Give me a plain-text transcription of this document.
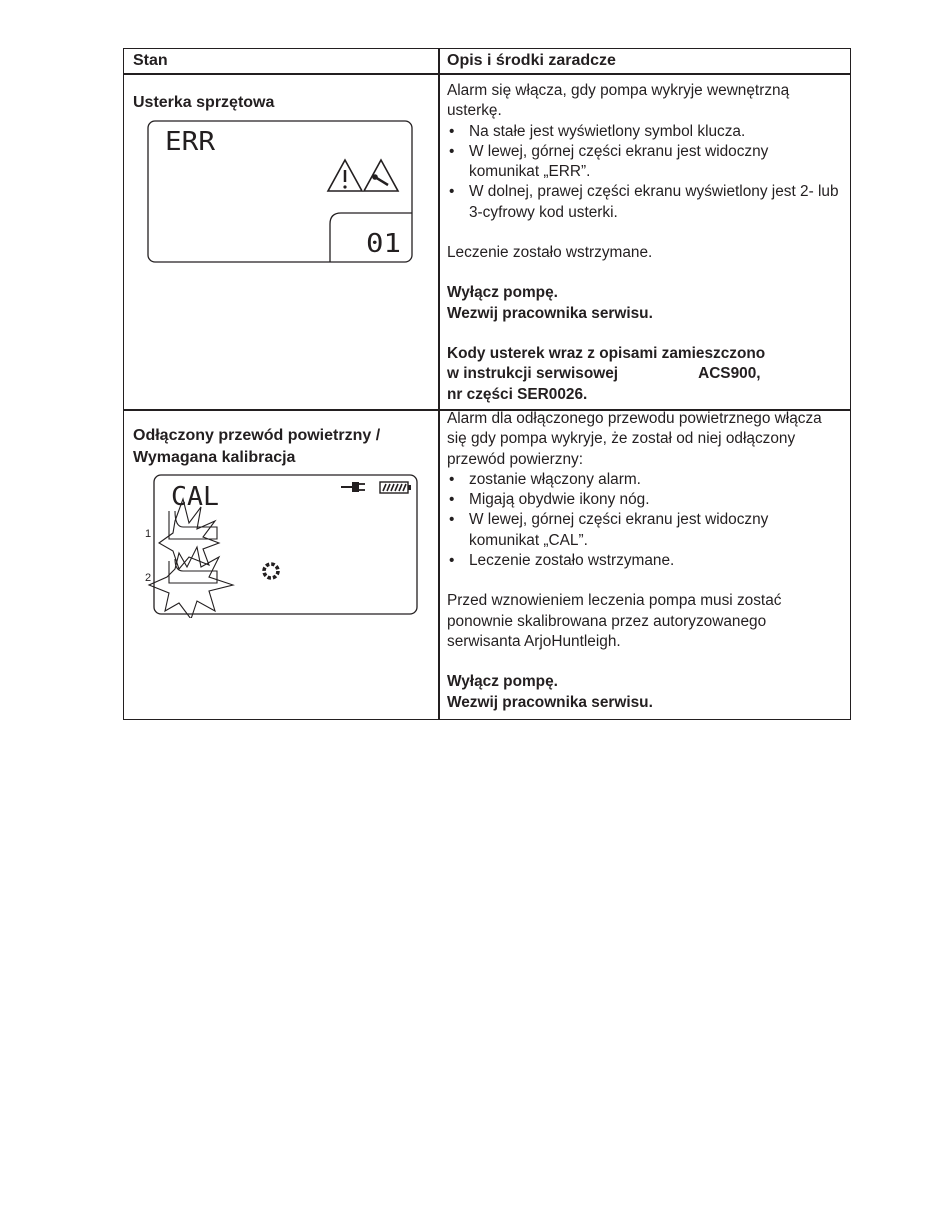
Stan	Opis i środki zaradcze
Usterka sprzętowa
ERR
01

Alarm się włącza, gdy pompa wykryje wewnętrzną usterkę.

• Na stałe jest wyświetlony symbol klucza.
• W lewej, górnej części ekranu jest widoczny komunikat „ERR”.
• W dolnej, prawej części ekranu wyświetlony jest 2- lub 3-cyfrowy kod usterki.

Leczenie zostało wstrzymane.

Wyłącz pompę.

Wezwij pracownika serwisu.

Kody usterek wraz z opisami zamieszczono

w instrukcji serwisowej	ACS900,

nr części SER0026.

Odłączony przewód powietrzny /
Wymagana kalibracja
CAL
1
2

Alarm dla odłączonego przewodu powietrznego włącza się gdy pompa wykryje, że został od niej odłączony przewód powierzny:

• zostanie włączony alarm.
• Migają obydwie ikony nóg.
• W lewej, górnej części ekranu jest widoczny komunikat „CAL”.
• Leczenie zostało wstrzymane.

Przed wznowieniem leczenia pompa musi zostać ponownie skalibrowana przez autoryzowanego serwisanta ArjoHuntleigh.

Wyłącz pompę.

Wezwij pracownika serwisu.
